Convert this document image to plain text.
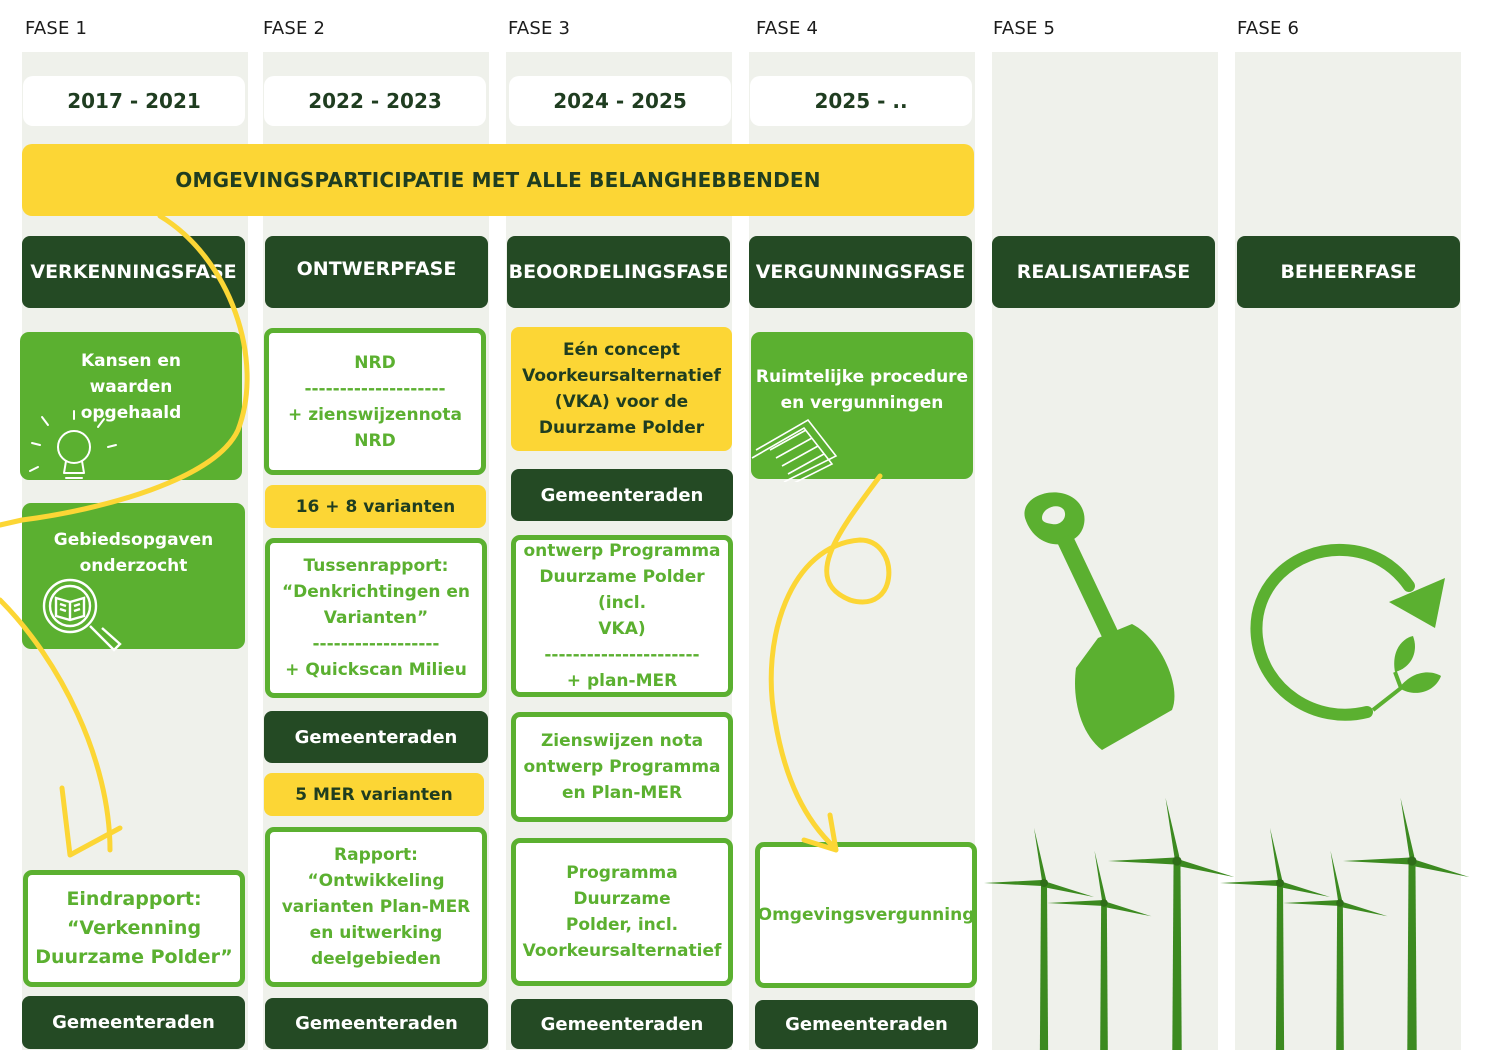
FASE 1	FASE 2	FASE 3	FASE 4	FASE 5	FASE 6
2017 - 2021	2022 - 2023	2024 - 2025	2025 - ..
OMGEVINGSPARTICIPATIE MET ALLE BELANGHEBBENDEN
VERKENNINGSFASE	ONTWERPFASE	BEOORDELINGSFASE	VERGUNNINGSFASE	REALISATIEFASE	BEHEERFASE
Kansen en
waarden
opgehaald
Gebiedsopgaven
onderzocht
Eindrapport:
“Verkenning
Duurzame Polder”
Gemeenteraden
NRD
--------------------
+ zienswijzennota NRD
16 + 8 varianten
Tussenrapport:
“Denkrichtingen en
Varianten”
------------------
+ Quickscan Milieu
Gemeenteraden
5 MER varianten
Rapport:
“Ontwikkeling
varianten Plan-MER
en uitwerking
deelgebieden
Gemeenteraden
Eén concept
Voorkeursalternatief
(VKA) voor de
Duurzame Polder
Gemeenteraden
ontwerp Programma
Duurzame Polder (incl.
VKA)
----------------------
+ plan-MER
Zienswijzen nota
ontwerp Programma
en Plan-MER
Programma Duurzame
Polder, incl.
Voorkeursalternatief
Gemeenteraden
Ruimtelijke procedure
en vergunningen
Omgevingsvergunning
Gemeenteraden
